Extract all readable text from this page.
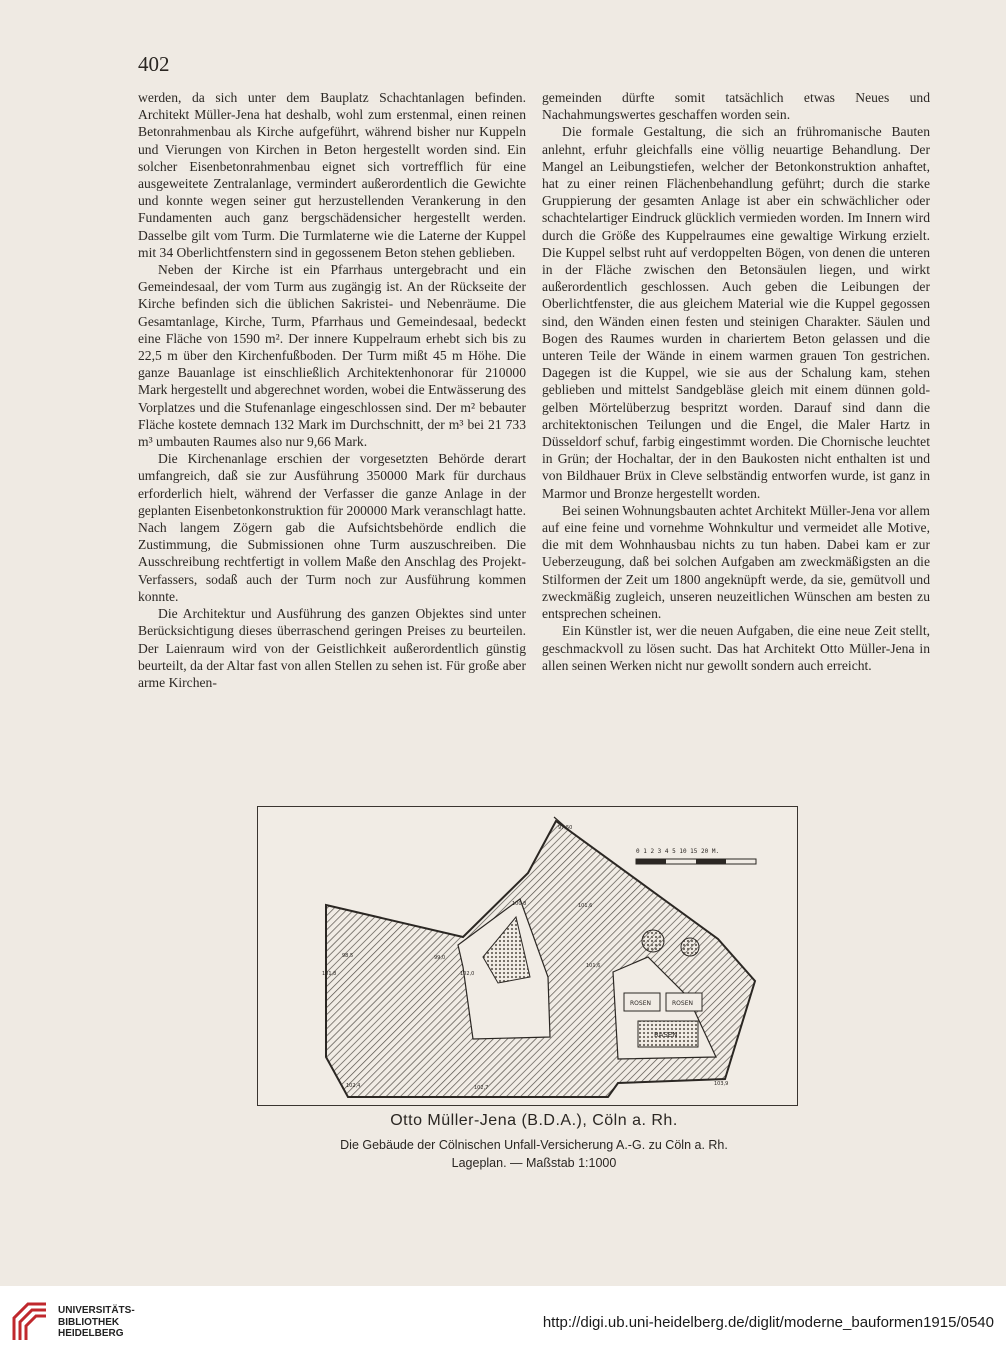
402

werden, da sich unter dem Bauplatz Schachtanlagen befinden. Architekt Müller-Jena hat deshalb, wohl zum erstenmal, einen reinen Betonrahmenbau als Kirche aufgeführt, während bisher nur Kuppeln und Vierungen von Kirchen in Beton hergestellt worden sind. Ein solcher Eisenbetonrahmenbau eignet sich vortrefflich für eine ausgeweitete Zentralanlage, vermindert außerordentlich die Gewichte und konnte wegen seiner gut herzustellenden Verankerung in den Fundamenten auch ganz bergschädensicher hergestellt werden. Dasselbe gilt vom Turm. Die Turmlaterne wie die Laterne der Kuppel mit 34 Oberlichtfenstern sind in gegossenem Beton stehen geblieben.

Neben der Kirche ist ein Pfarrhaus untergebracht und ein Gemeindesaal, der vom Turm aus zugängig ist. An der Rückseite der Kirche befinden sich die üblichen Sakristei- und Nebenräume. Die Gesamtanlage, Kirche, Turm, Pfarrhaus und Gemeindesaal, bedeckt eine Fläche von 1590 m². Der innere Kuppelraum erhebt sich bis zu 22,5 m über den Kirchenfußboden. Der Turm mißt 45 m Höhe. Die ganze Bauanlage ist einschließlich Architektenhonorar für 210000 Mark hergestellt und abgerechnet worden, wobei die Entwässerung des Vorplatzes und die Stufenanlage eingeschlossen sind. Der m² bebauter Fläche kostete demnach 132 Mark im Durchschnitt, der m³ bei 21 733 m³ umbauten Raumes also nur 9,66 Mark.

Die Kirchenanlage erschien der vorgesetzten Behörde derart umfangreich, daß sie zur Ausführung 350000 Mark für durchaus erforderlich hielt, während der Verfasser die ganze Anlage in der geplanten Eisenbetonkonstruktion für 200000 Mark veranschlagt hatte. Nach langem Zögern gab die Aufsichtsbehörde endlich die Zustimmung, die Submissionen ohne Turm auszuschreiben. Die Ausschreibung rechtfertigt in vollem Maße den Anschlag des Projekt-Verfassers, sodaß auch der Turm noch zur Ausführung kommen konnte.

Die Architektur und Ausführung des ganzen Objektes sind unter Berücksichtigung dieses überraschend geringen Preises zu beurteilen. Der Laienraum wird von der Geistlichkeit außerordentlich günstig beurteilt, da der Altar fast von allen Stellen zu sehen ist. Für große aber arme Kirchen-

gemeinden dürfte somit tatsächlich etwas Neues und Nachahmungswertes geschaffen worden sein.

Die formale Gestaltung, die sich an frühromanische Bauten anlehnt, erfuhr gleichfalls eine völlig neuartige Behandlung. Der Mangel an Leibungstiefen, welcher der Betonkonstruktion anhaftet, hat zu einer reinen Flächenbehandlung geführt; durch die starke Gruppierung der gesamten Anlage ist aber ein schwächlicher oder schachtelartiger Eindruck glücklich vermieden worden. Im Innern wird durch die Größe des Kuppelraumes eine gewaltige Wirkung erzielt. Die Kuppel selbst ruht auf verdoppelten Bögen, von denen die unteren in der Fläche zwischen den Betonsäulen liegen, und wirkt außerordentlich geschlossen. Auch geben die Leibungen der Oberlichtfenster, die aus gleichem Material wie die Kuppel gegossen sind, den Wänden einen festen und steinigen Charakter. Säulen und Bogen des Raumes wurden in chariertem Beton gelassen und die unteren Teile der Wände in einem warmen grauen Ton gestrichen. Dagegen ist die Kuppel, wie sie aus der Schalung kam, stehen geblieben und mittelst Sandgebläse gleich mit einem dünnen gold-gelben Mörtelüberzug bespritzt worden. Darauf sind dann die architektonischen Teilungen und die Engel, die Maler Hartz in Düsseldorf schuf, farbig eingestimmt worden. Die Chornische leuchtet in Grün; der Hochaltar, der in den Baukosten nicht enthalten ist und von Bildhauer Brüx in Cleve selbständig entworfen wurde, ist ganz in Marmor und Bronze hergestellt worden.

Bei seinen Wohnungsbauten achtet Architekt Müller-Jena vor allem auf eine feine und vornehme Wohnkultur und vermeidet alle Motive, die mit dem Wohnhausbau nichts zu tun haben. Dabei kam er zur Ueberzeugung, daß bei solchen Aufgaben am zweckmäßigsten an die Stilformen der Zeit um 1800 angeknüpft werde, da sie, gemütvoll und zweckmäßig zugleich, unseren neuzeitlichen Wünschen am besten zu entsprechen scheinen.

Ein Künstler ist, wer die neuen Aufgaben, die eine neue Zeit stellt, geschmackvoll zu lösen sucht. Das hat Architekt Otto Müller-Jena in allen seinen Werken nicht nur gewollt sondern auch erreicht.

0 1 2 3 4 5 10 15 20 M.
ROSEN	ROSEN
RASEN
97,50
98,5	99,0
101,8	102,0
101,6
101,6
100,8
102,4	102,7
103,9
Otto Müller-Jena (B.D.A.), Cöln a. Rh.
Die Gebäude der Cölnischen Unfall-Versicherung A.-G. zu Cöln a. Rh.
Lageplan. — Maßstab 1:1000
UNIVERSITÄTS-
BIBLIOTHEK
HEIDELBERG
http://digi.ub.uni-heidelberg.de/diglit/moderne_bauformen1915/0540
